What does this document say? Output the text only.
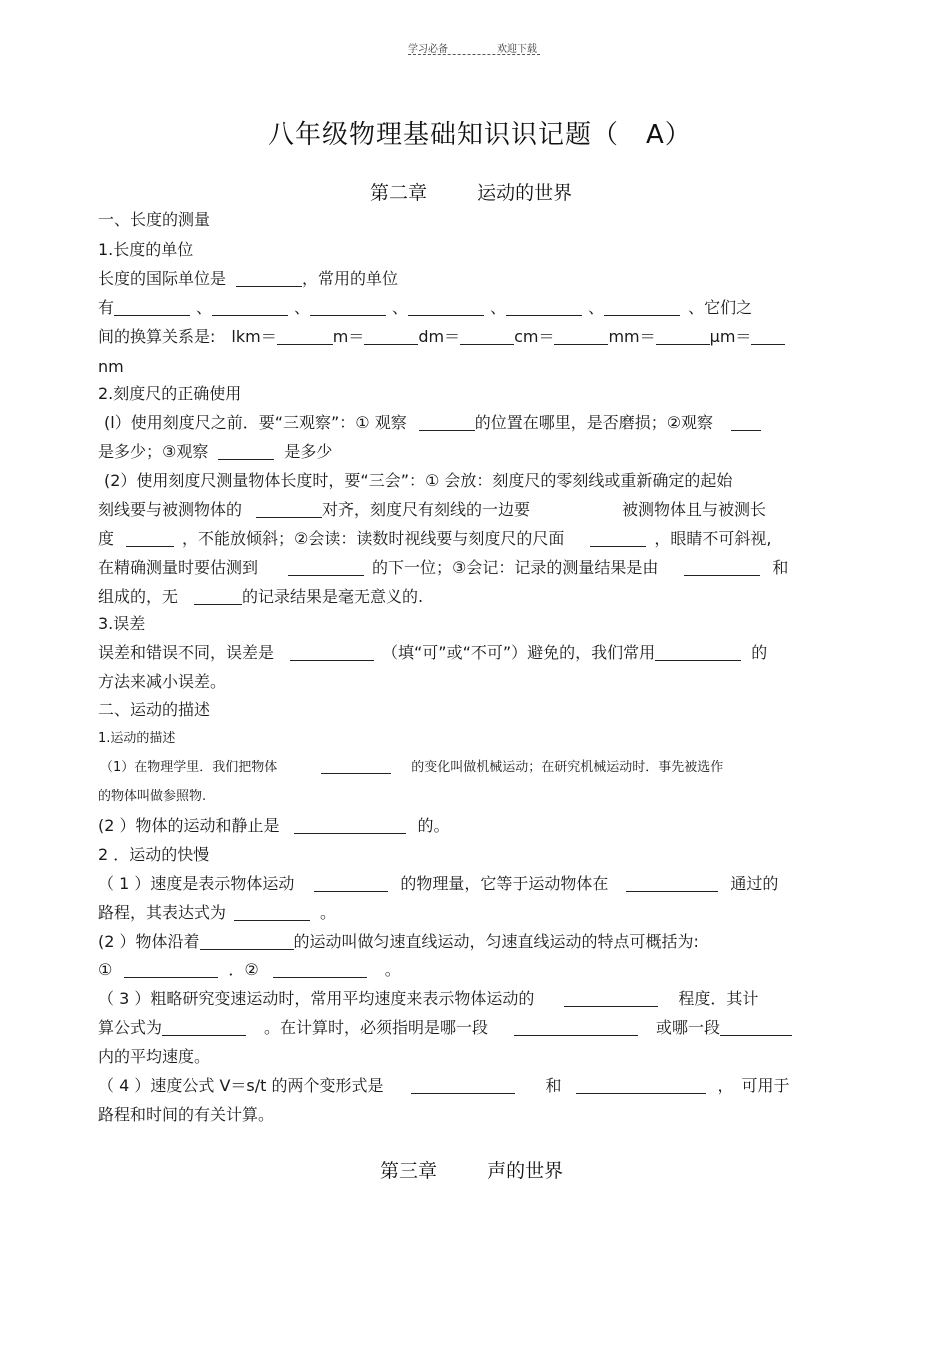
学习必备	欢迎下载
八年级物理基础知识识记题（　A）
第二章	运动的世界
一、长度的测量
1.长度的单位
长度的国际单位是	，常用的单位
有	、	、	、	、	、	、它们之
间的换算关系是: lkm＝	m＝	dm＝	cm＝	mm＝	μm＝
nm
2.刻度尺的正确使用
(l）使用刻度尺之前．要“三观察”：① 观察	的位置在哪里，是否磨损；②观察
是多少；③观察	是多少
(2）使用刻度尺测量物体长度时，要“三会”：① 会放：刻度尺的零刻线或重新确定的起始
刻线要与被测物体的	对齐，刻度尺有刻线的一边要	被测物体且与被测长
度	，不能放倾斜；②会读：读数时视线要与刻度尺的尺面	，眼睛不可斜视,
在精确测量时要估测到	的下一位；③会记：记录的测量结果是由	和
组成的，无	的记录结果是毫无意义的.
3.误差
误差和错误不同，误差是	（填“可”或“不可”）避免的，我们常用	的
方法来减小误差。
二、运动的描述
1.运动的描述
（1）在物理学里．我们把物体	的变化叫做机械运动；在研究机械运动时．事先被选作
的物体叫做参照物.
(2 ）物体的运动和静止是	的。
2 ．运动的快慢
（ 1 ）速度是表示物体运动	的物理量，它等于运动物体在	通过的
路程，其表达式为	。
(2 ）物体沿着	的运动叫做匀速直线运动，匀速直线运动的特点可概括为:
①	．②	。
（ 3 ）粗略研究变速运动时，常用平均速度来表示物体运动的	程度．其计
算公式为	。在计算时，必须指明是哪一段	或哪一段
内的平均速度。
（ 4 ）速度公式 V＝s/t 的两个变形式是	和	，　可用于
路程和时间的有关计算。
第三章	声的世界
